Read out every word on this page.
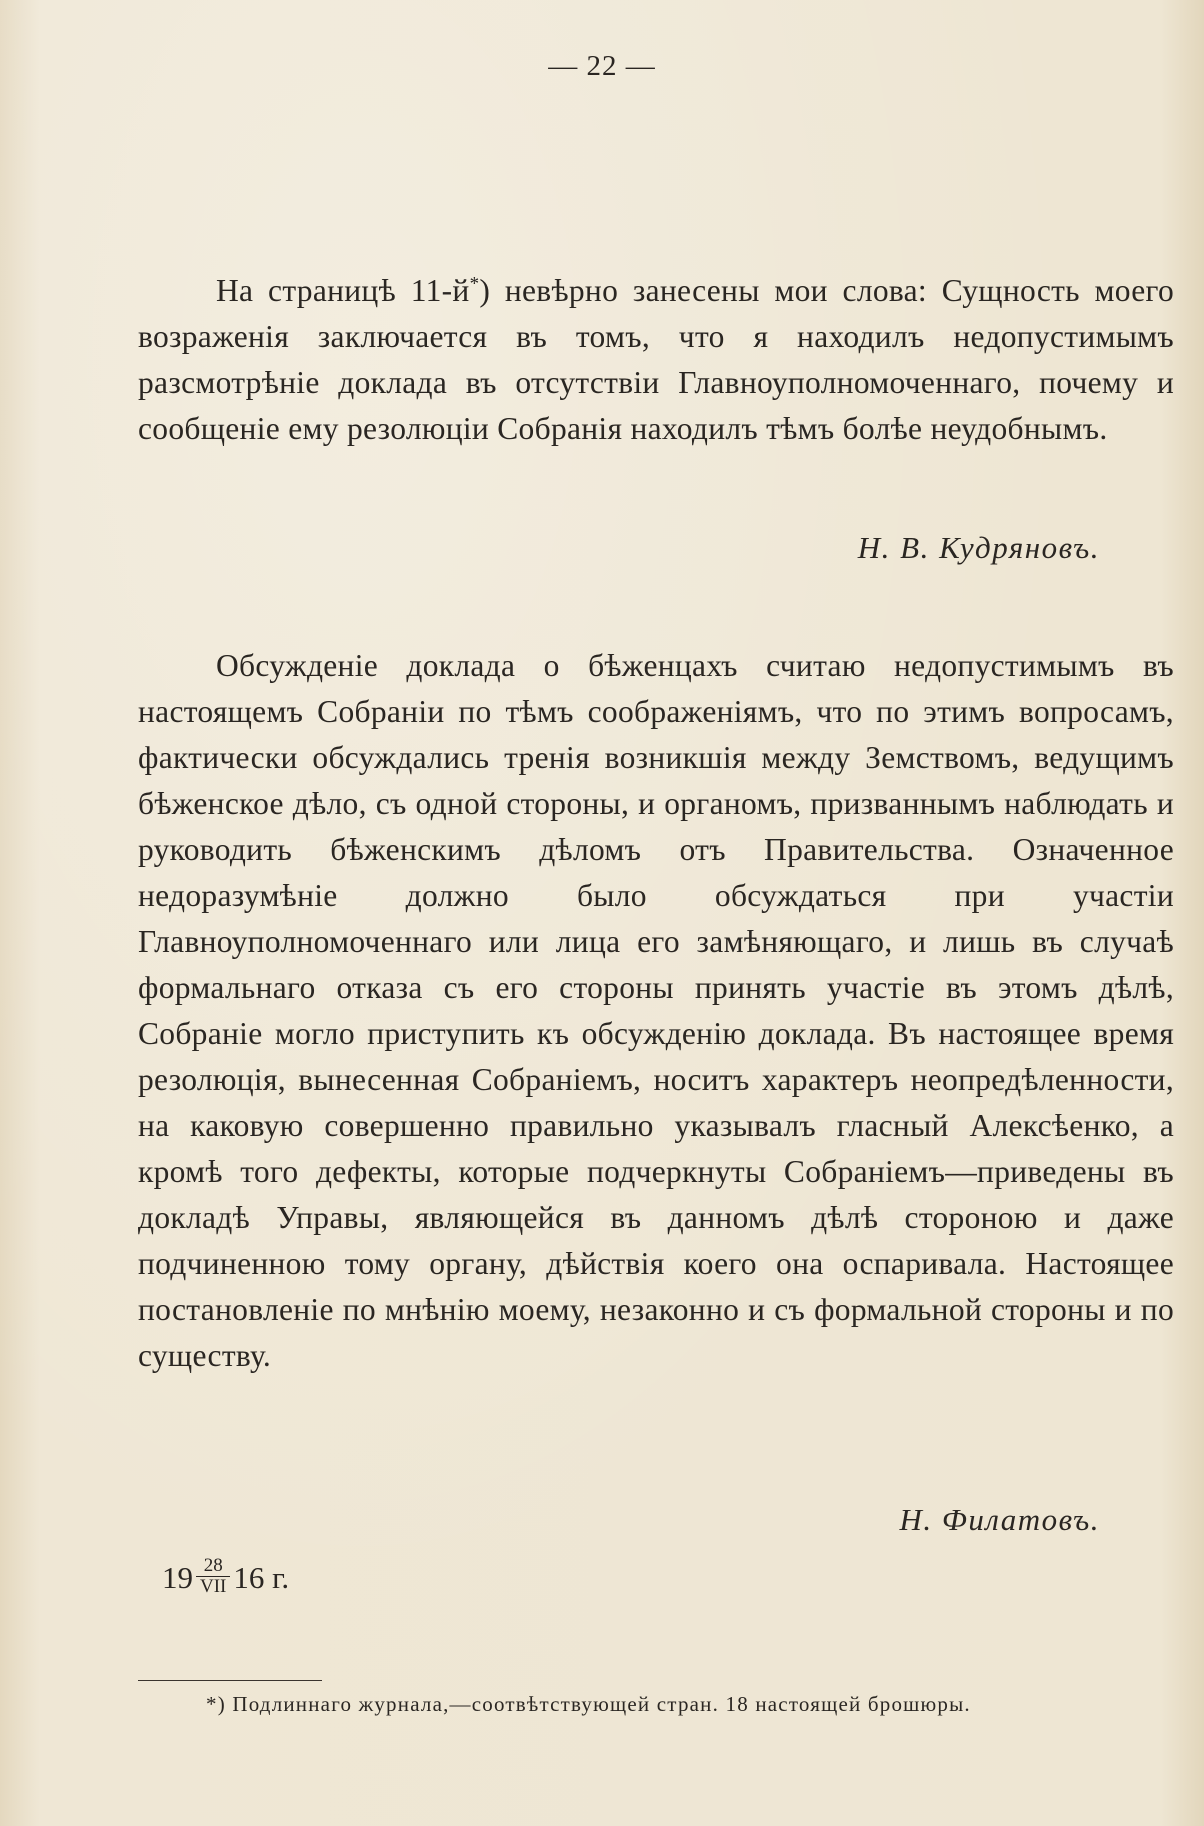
— 22 —

На страницѣ 11-й*) невѣрно занесены мои слова: Сущность моего возраженія заключается въ томъ, что я находилъ недопустимымъ разсмотрѣніе доклада въ отсутствіи Главноуполномоченнаго, почему и сообщеніе ему резолюціи Собранія находилъ тѣмъ болѣе неудобнымъ.

Н. В. Кудряновъ.

Обсужденіе доклада о бѣженцахъ считаю недопустимымъ въ настоящемъ Собраніи по тѣмъ соображеніямъ, что по этимъ вопросамъ, фактически обсуждались тренія возникшія между Земствомъ, ведущимъ бѣженское дѣло, съ одной стороны, и органомъ, призваннымъ наблюдать и руководить бѣженскимъ дѣломъ отъ Правительства. Означенное недоразумѣніе должно было обсуждаться при участіи Главноуполномоченнаго или лица его замѣняющаго, и лишь въ случаѣ формальнаго отказа съ его стороны принять участіе въ этомъ дѣлѣ, Собраніе могло приступить къ обсужденію доклада. Въ настоящее время резолюція, вынесенная Собраніемъ, носитъ характеръ неопредѣленности, на каковую совершенно правильно указывалъ гласный Алексѣенко, а кромѣ того дефекты, которые подчеркнуты Собраніемъ—приведены въ докладѣ Управы, являющейся въ данномъ дѣлѣ стороною и даже подчиненною тому органу, дѣйствія коего она оспаривала. Настоящее постановленіе по мнѣнію моему, незаконно и съ формальной стороны и по существу.

Н. Филатовъ.
$19 \frac{28}{\text{VII}} 16$ г.
*) Подлиннаго журнала,—соотвѣтствующей стран. 18 настоящей брошюры.
